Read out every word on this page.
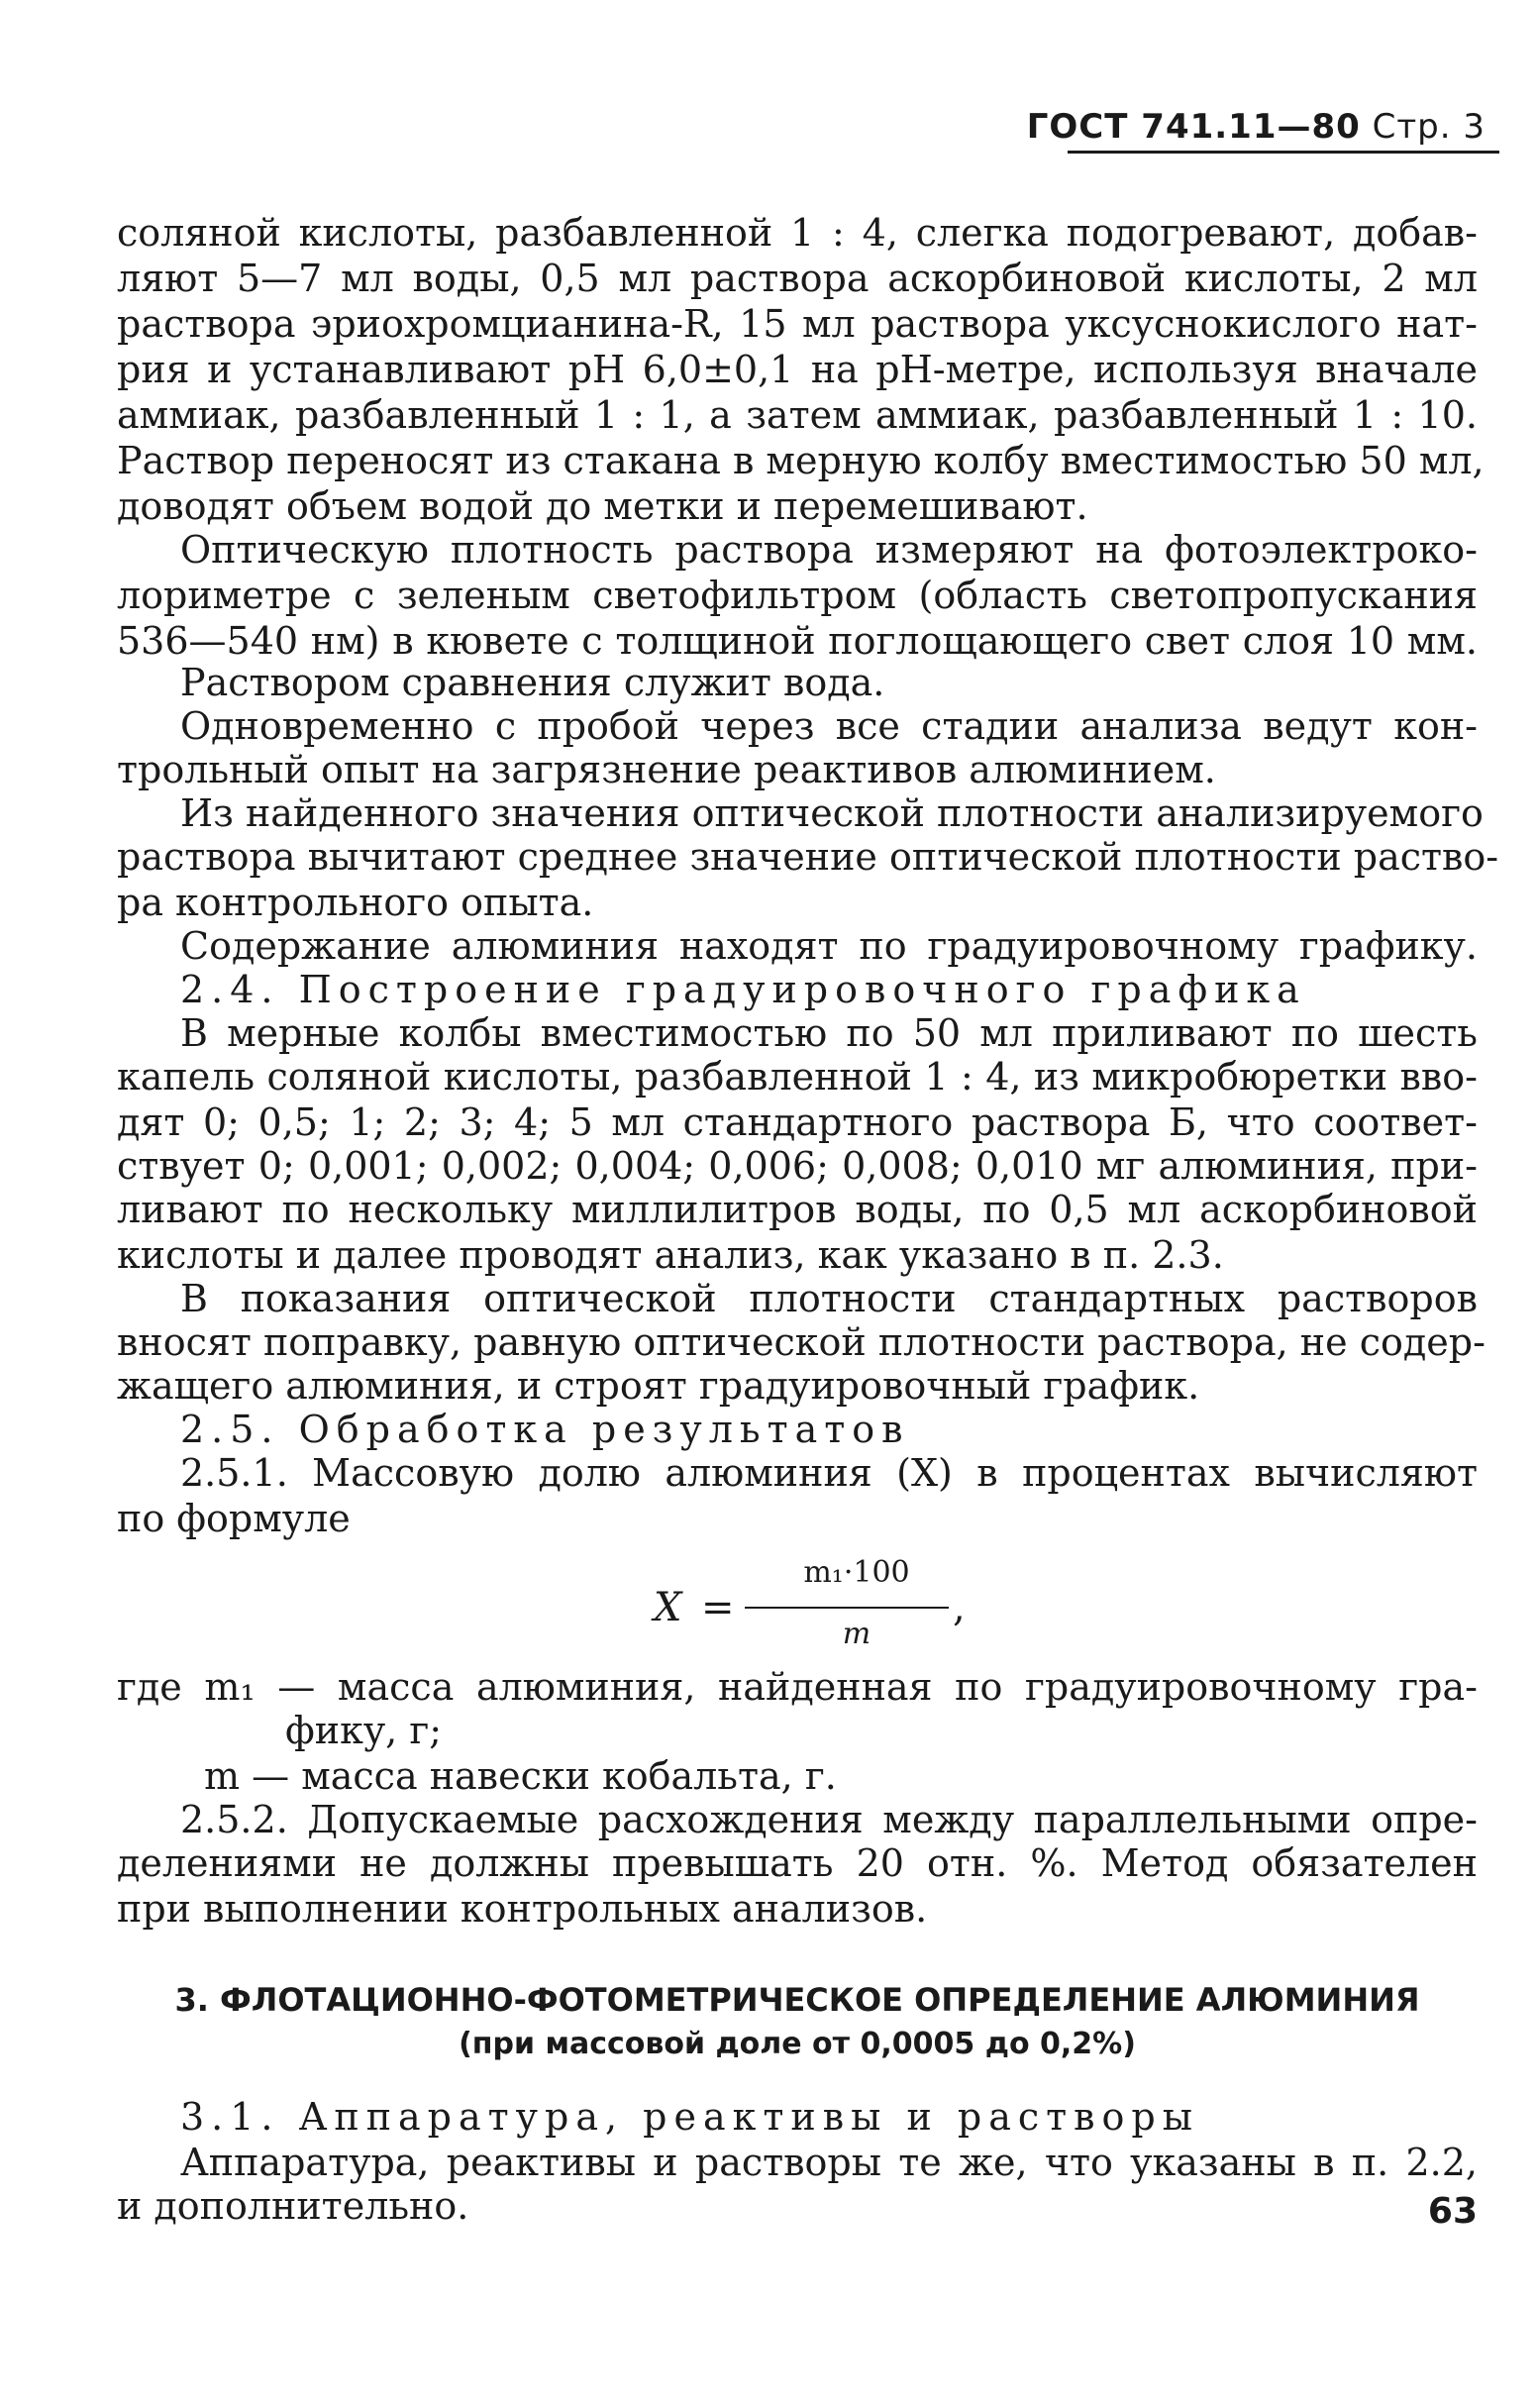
ГОСТ 741.11—80 Стр. 3
соляной кислоты, разбавленной 1 : 4, слегка подогревают, добав-
ляют 5—7 мл воды, 0,5 мл раствора аскорбиновой кислоты, 2 мл
раствора эриохромцианина-R, 15 мл раствора уксуснокислого нат-
рия и устанавливают pH 6,0±0,1 на pH-метре, используя вначале
аммиак, разбавленный 1 : 1, а затем аммиак, разбавленный 1 : 10.
Раствор переносят из стакана в мерную колбу вместимостью 50 мл,
доводят объем водой до метки и перемешивают.
Оптическую плотность раствора измеряют на фотоэлектроко-
лориметре с зеленым светофильтром (область светопропускания
536—540 нм) в кювете с толщиной поглощающего свет слоя 10 мм.
Раствором сравнения служит вода.
Одновременно с пробой через все стадии анализа ведут кон-
трольный опыт на загрязнение реактивов алюминием.
Из найденного значения оптической плотности анализируемого
раствора вычитают среднее значение оптической плотности раство-
ра контрольного опыта.
Содержание алюминия находят по градуировочному графику.
2.4. Построение градуировочного графика
В мерные колбы вместимостью по 50 мл приливают по шесть
капель соляной кислоты, разбавленной 1 : 4, из микробюретки вво-
дят 0; 0,5; 1; 2; 3; 4; 5 мл стандартного раствора Б, что соответ-
ствует 0; 0,001; 0,002; 0,004; 0,006; 0,008; 0,010 мг алюминия, при-
ливают по нескольку миллилитров воды, по 0,5 мл аскорбиновой
кислоты и далее проводят анализ, как указано в п. 2.3.
В показания оптической плотности стандартных растворов
вносят поправку, равную оптической плотности раствора, не содер-
жащего алюминия, и строят градуировочный график.
2.5. Обработка результатов
2.5.1. Массовую долю алюминия (X) в процентах вычисляют
по формуле
X =
m₁·100
m
,
где m₁ — масса алюминия, найденная по градуировочному гра-
фику, г;
m — масса навески кобальта, г.
2.5.2. Допускаемые расхождения между параллельными опре-
делениями не должны превышать 20 отн. %. Метод обязателен
при выполнении контрольных анализов.
3. ФЛОТАЦИОННО-ФОТОМЕТРИЧЕСКОЕ ОПРЕДЕЛЕНИЕ АЛЮМИНИЯ
(при массовой доле от 0,0005 до 0,2%)
3.1. Аппаратура, реактивы и растворы
Аппаратура, реактивы и растворы те же, что указаны в п. 2.2,
и дополнительно.	63
